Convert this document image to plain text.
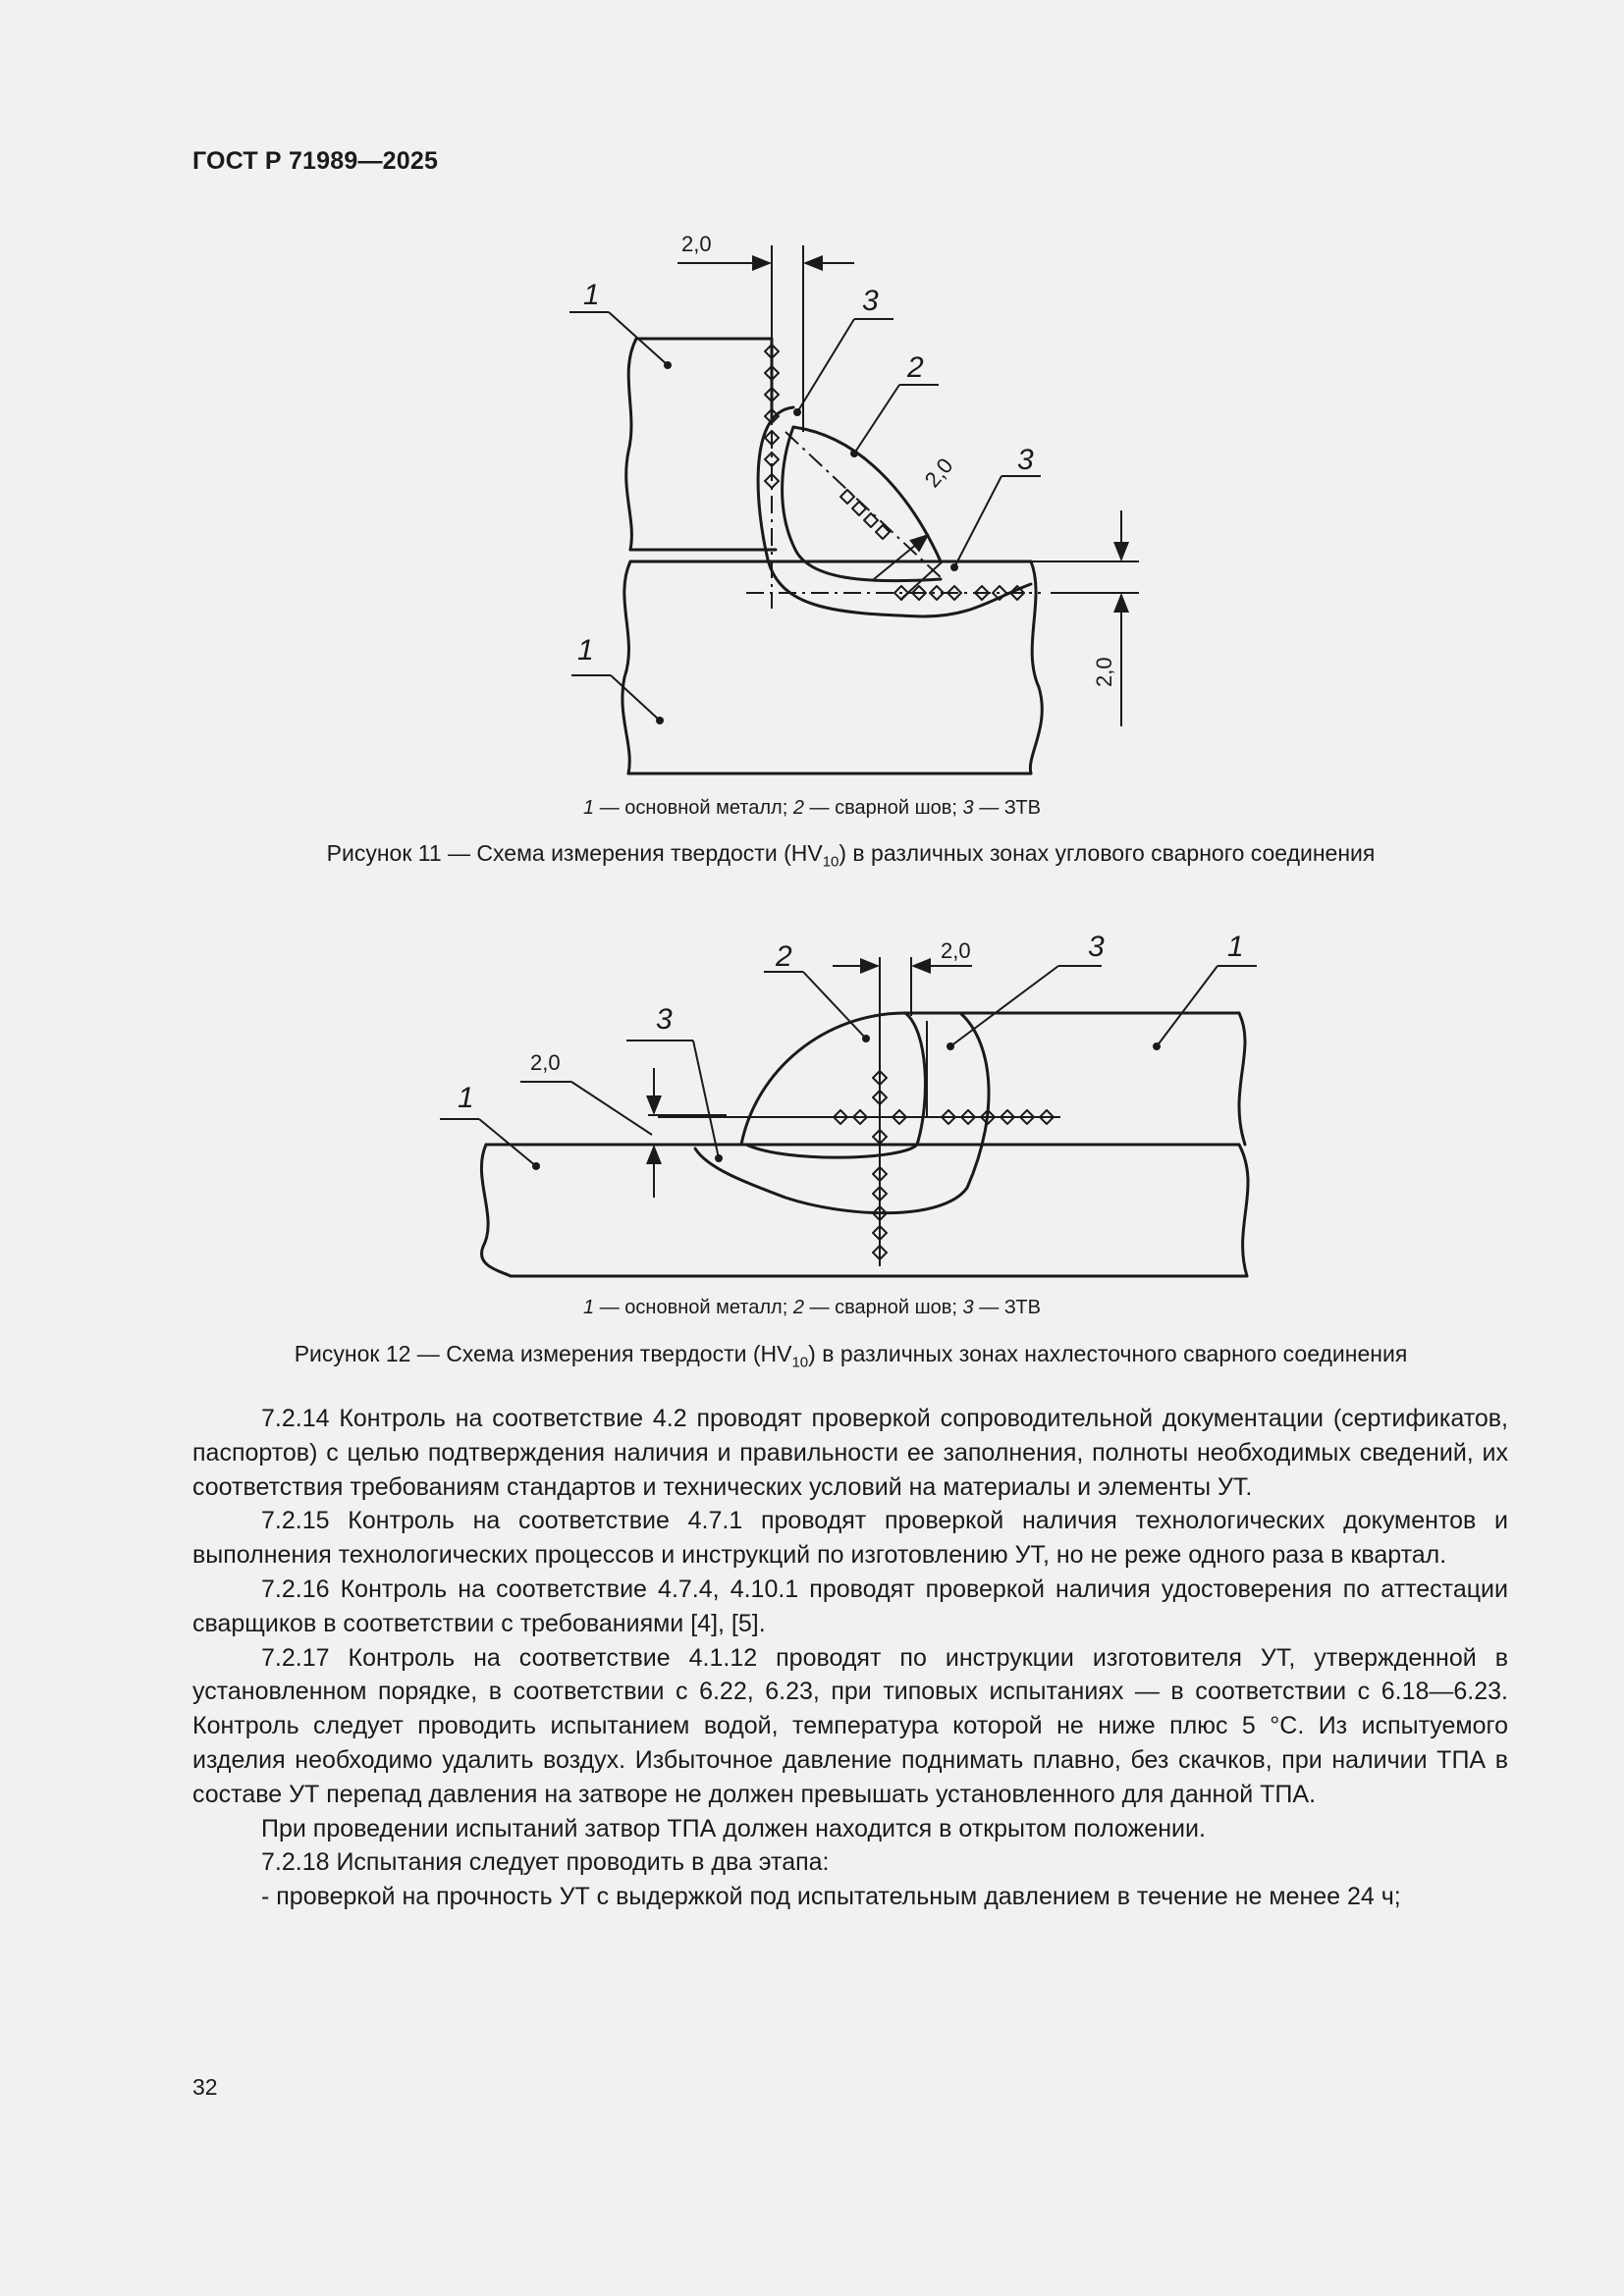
ГОСТ Р 71989—2025
1	3
2
3
1
2,0
2,0
2,0
1 — основной металл; 2 — сварной шов; 3 — ЗТВ
Рисунок 11 — Схема измерения твердости $(HV_{10})$ в различных зонах углового сварного соединения
2	3	1
3
1
2,0
2,0
1 — основной металл; 2 — сварной шов; 3 — ЗТВ
Рисунок 12 — Схема измерения твердости $(HV_{10})$ в различных зонах нахлесточного сварного соединения

7.2.14 Контроль на соответствие 4.2 проводят проверкой сопроводительной документации (сертификатов, паспортов) с целью подтверждения наличия и правильности ее заполнения, полноты необходимых сведений, их соответствия требованиям стандартов и технических условий на материалы и элементы УТ.

7.2.15 Контроль на соответствие 4.7.1 проводят проверкой наличия технологических документов и выполнения технологических процессов и инструкций по изготовлению УТ, но не реже одного раза в квартал.

7.2.16 Контроль на соответствие 4.7.4, 4.10.1 проводят проверкой наличия удостоверения по аттестации сварщиков в соответствии с требованиями [4], [5].

7.2.17 Контроль на соответствие 4.1.12 проводят по инструкции изготовителя УТ, утвержденной в установленном порядке, в соответствии с 6.22, 6.23, при типовых испытаниях — в соответствии с 6.18—6.23. Контроль следует проводить испытанием водой, температура которой не ниже плюс 5 °C. Из испытуемого изделия необходимо удалить воздух. Избыточное давление поднимать плавно, без скачков, при наличии ТПА в составе УТ перепад давления на затворе не должен превышать установленного для данной ТПА.

При проведении испытаний затвор ТПА должен находится в открытом положении.

7.2.18 Испытания следует проводить в два этапа:

- проверкой на прочность УТ с выдержкой под испытательным давлением в течение не менее 24 ч;

32
